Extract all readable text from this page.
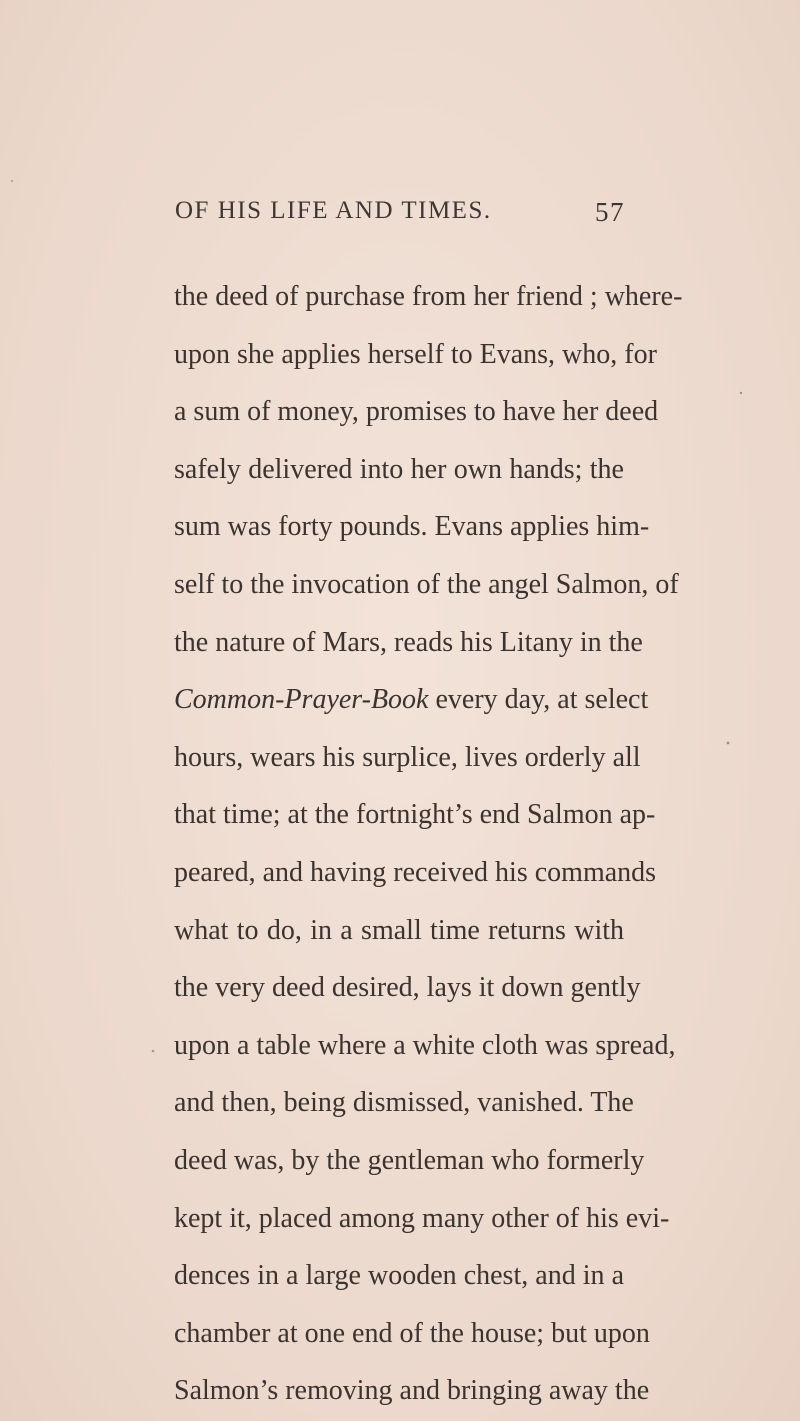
OF HIS LIFE AND TIMES.	57
the deed of purchase from her friend ; where-
upon she applies herself to Evans, who, for
a sum of money, promises to have her deed
safely delivered into her own hands; the
sum was forty pounds. Evans applies him-
self to the invocation of the angel Salmon, of
the nature of Mars, reads his Litany in the
Common-Prayer-Book every day, at select
hours, wears his surplice, lives orderly all
that time; at the fortnight’s end Salmon ap-
peared, and having received his commands
what to do, in a small time returns with
the very deed desired, lays it down gently
upon a table where a white cloth was spread,
and then, being dismissed, vanished. The
deed was, by the gentleman who formerly
kept it, placed among many other of his evi-
dences in a large wooden chest, and in a
chamber at one end of the house; but upon
Salmon’s removing and bringing away the
